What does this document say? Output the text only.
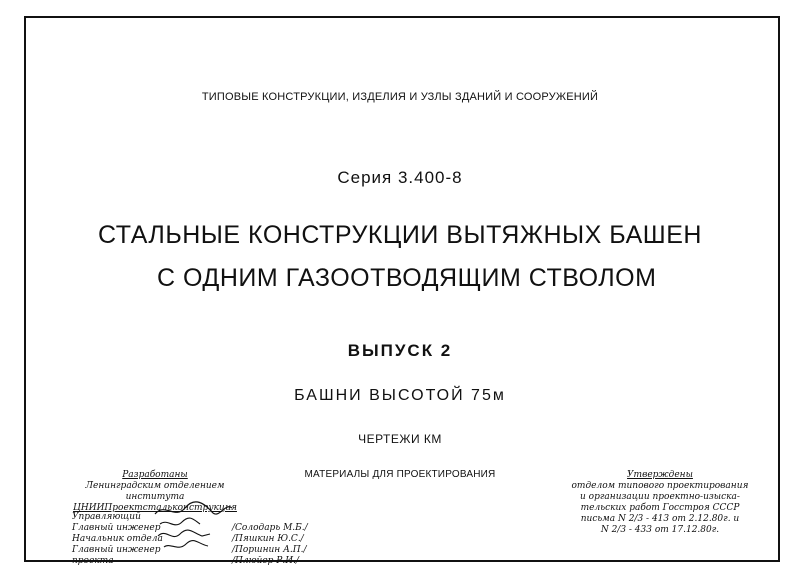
ТИПОВЫЕ КОНСТРУКЦИИ, ИЗДЕЛИЯ И УЗЛЫ ЗДАНИЙ И СООРУЖЕНИЙ
Серия 3.400-8
СТАЛЬНЫЕ КОНСТРУКЦИИ ВЫТЯЖНЫХ БАШЕН
С ОДНИМ ГАЗООТВОДЯЩИМ СТВОЛОМ
ВЫПУСК 2
БАШНИ ВЫСОТОЙ 75м
ЧЕРТЕЖИ КМ
МАТЕРИАЛЫ ДЛЯ ПРОЕКТИРОВАНИЯ
Разработаны
Ленинградским отделением
института
ЦНИИПроектстальконструкция
Управляющий
Главный инженер	/Солодарь М.Б./
Начальник отдела	/Пяшкин Ю.С./
Главный инженер проекта
/Поршнин А.П./
/Плюйер Р.И./
Утверждены
отделом типового проектирования
и организации проектно-изыска-
тельских работ Госстроя СССР
письма N 2/3 - 413 от 2.12.80г. и
N 2/3 - 433 от 17.12.80г.
